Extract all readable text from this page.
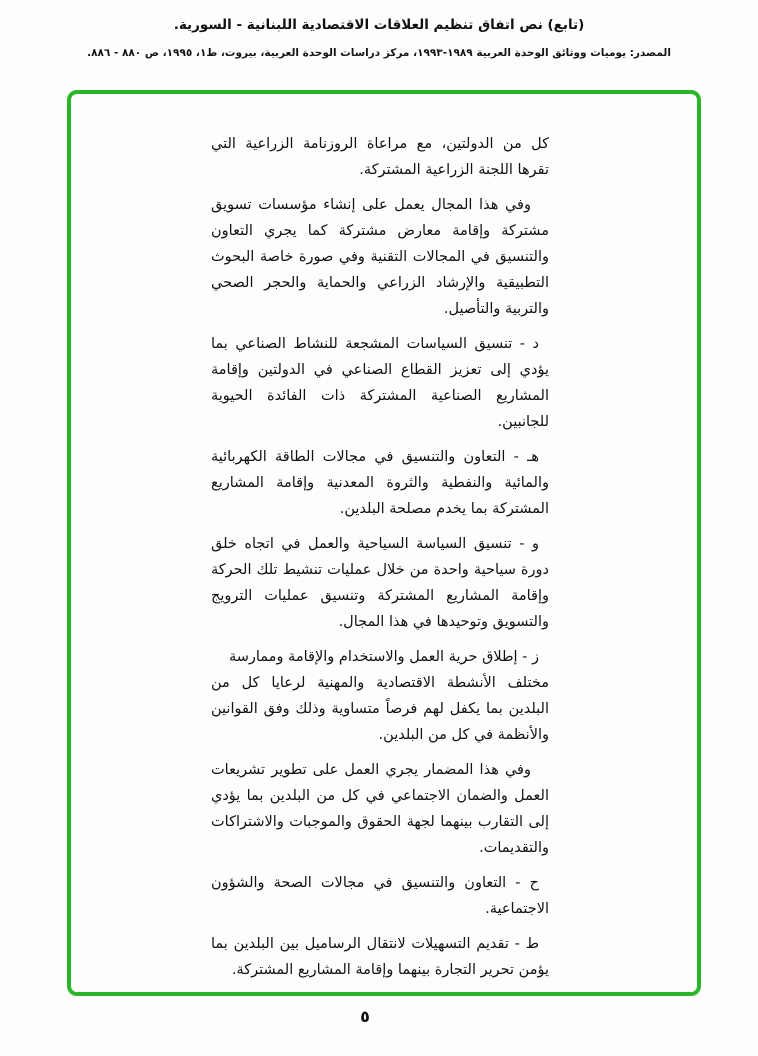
(تابع) نص اتفاق تنظيم العلاقات الاقتصادية اللبنانية - السورية.
المصدر: يوميات ووثائق الوحدة العربية ١٩٨٩-١٩٩٣، مركز دراسات الوحدة العربية، بيروت، ط١، ١٩٩٥، ص ٨٨٠ - ٨٨٦.

كل من الدولتين، مع مراعاة الروزنامة الزراعية التي تقرها اللجنة الزراعية المشتركة.

وفي هذا المجال يعمل على إنشاء مؤسسات تسويق مشتركة وإقامة معارض مشتركة كما يجري التعاون والتنسيق في المجالات التقنية وفي صورة خاصة البحوث التطبيقية والإرشاد الزراعي والحماية والحجر الصحي والتربية والتأصيل.

د - تنسيق السياسات المشجعة للنشاط الصناعي بما يؤدي إلى تعزيز القطاع الصناعي في الدولتين وإقامة المشاريع الصناعية المشتركة ذات الفائدة الحيوية للجانبين.

هـ - التعاون والتنسيق في مجالات الطاقة الكهربائية والمائية والنفطية والثروة المعدنية وإقامة المشاريع المشتركة بما يخدم مصلحة البلدين.

و - تنسيق السياسة السياحية والعمل في اتجاه خلق دورة سياحية واحدة من خلال عمليات تنشيط تلك الحركة وإقامة المشاريع المشتركة وتنسيق عمليات الترويج والتسويق وتوحيدها في هذا المجال.

ز - إطلاق حرية العمل والاستخدام والإقامة وممارسة

مختلف الأنشطة الاقتصادية والمهنية لرعايا كل من البلدين بما يكفل لهم فرصاً متساوية وذلك وفق القوانين والأنظمة في كل من البلدين.

وفي هذا المضمار يجري العمل على تطوير تشريعات العمل والضمان الاجتماعي في كل من البلدين بما يؤدي إلى التقارب بينهما لجهة الحقوق والموجبات والاشتراكات والتقديمات.

ح - التعاون والتنسيق في مجالات الصحة والشؤون الاجتماعية.

ط - تقديم التسهيلات لانتقال الرساميل بين البلدين بما يؤمن تحرير التجارة بينهما وإقامة المشاريع المشتركة.

٥
